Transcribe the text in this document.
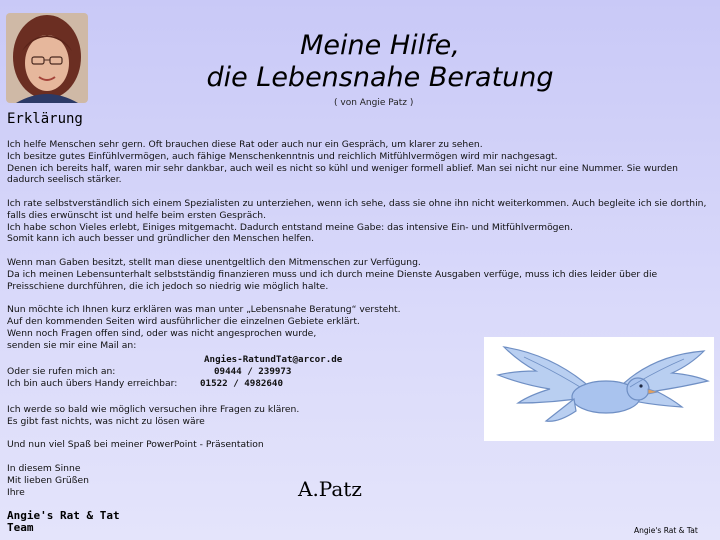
Meine Hilfe,
die Lebensnahe Beratung
( von Angie Patz )
Erklärung

Ich helfe Menschen sehr gern. Oft brauchen diese Rat oder auch nur ein Gespräch, um klarer zu sehen.
Ich besitze gutes Einfühlvermögen, auch fähige Menschenkenntnis und reichlich Mitfühlvermögen wird mir nachgesagt.
Denen ich bereits half, waren mir sehr dankbar, auch weil es nicht so kühl und weniger formell ablief. Man sei nicht nur eine Nummer. Sie wurden dadurch seelisch stärker.

Ich rate selbstverständlich sich einem Spezialisten zu unterziehen, wenn ich sehe, dass sie ohne ihn nicht weiterkommen. Auch begleite ich sie dorthin, falls dies erwünscht ist und helfe beim ersten Gespräch.
Ich habe schon Vieles erlebt, Einiges mitgemacht. Dadurch entstand meine Gabe: das intensive Ein- und Mitfühlvermögen.
Somit kann ich auch besser und gründlicher den Menschen helfen.

Wenn man Gaben besitzt, stellt man diese unentgeltlich den Mitmenschen zur Verfügung.
Da ich meinen Lebensunterhalt selbstständig finanzieren muss und ich durch meine Dienste Ausgaben verfüge, muss ich dies leider über die Preisschiene durchführen, die ich jedoch so niedrig wie möglich halte.

Nun möchte ich Ihnen kurz erklären was man unter „Lebensnahe Beratung“ versteht.
Auf den kommenden Seiten wird ausführlicher die einzelnen Gebiete erklärt.
Wenn noch Fragen offen sind, oder was nicht angesprochen wurde,
senden sie mir eine Mail an:

Angies-RatundTat@arcor.de
Oder sie rufen mich an:	09444 / 239973
Ich bin auch übers Handy erreichbar: 01522 / 4982640

Ich werde so bald wie möglich versuchen ihre Fragen zu klären.
Es gibt fast nichts, was nicht zu lösen wäre

Und nun viel Spaß bei meiner PowerPoint - Präsentation

In diesem Sinne
Mit lieben Grüßen
Ihre	A.Patz
Angie's Rat & Tat
Team	Angie's Rat & Tat
